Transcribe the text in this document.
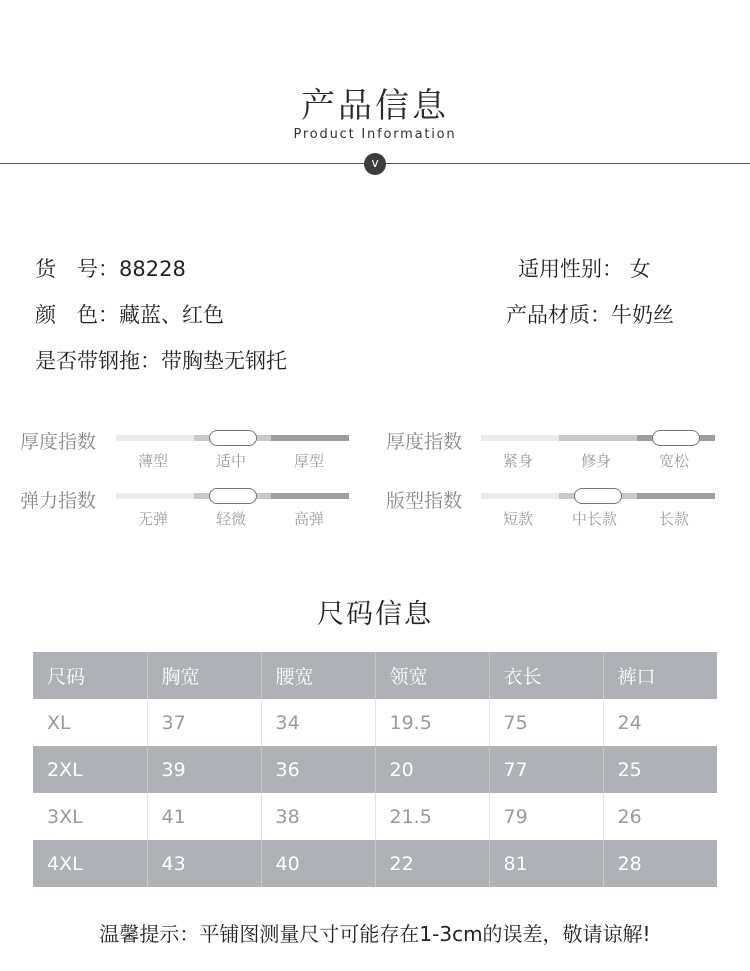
产品信息
Product Information
v
货　号：88228	适用性别： 女
颜　色：藏蓝、红色	产品材质：牛奶丝
是否带钢拖：带胸垫无钢托
厚度指数
薄型	适中	厚型
厚度指数
紧身	修身	宽松
弹力指数
无弹	轻微	高弹
版型指数
短款	中长款	长款
尺码信息
尺码	胸宽	腰宽	领宽	衣长	裤口
XL	37	34	19.5	75	24
2XL	39	36	20	77	25
3XL	41	38	21.5	79	26
4XL	43	40	22	81	28
温馨提示：平铺图测量尺寸可能存在1-3cm的误差，敬请谅解!
